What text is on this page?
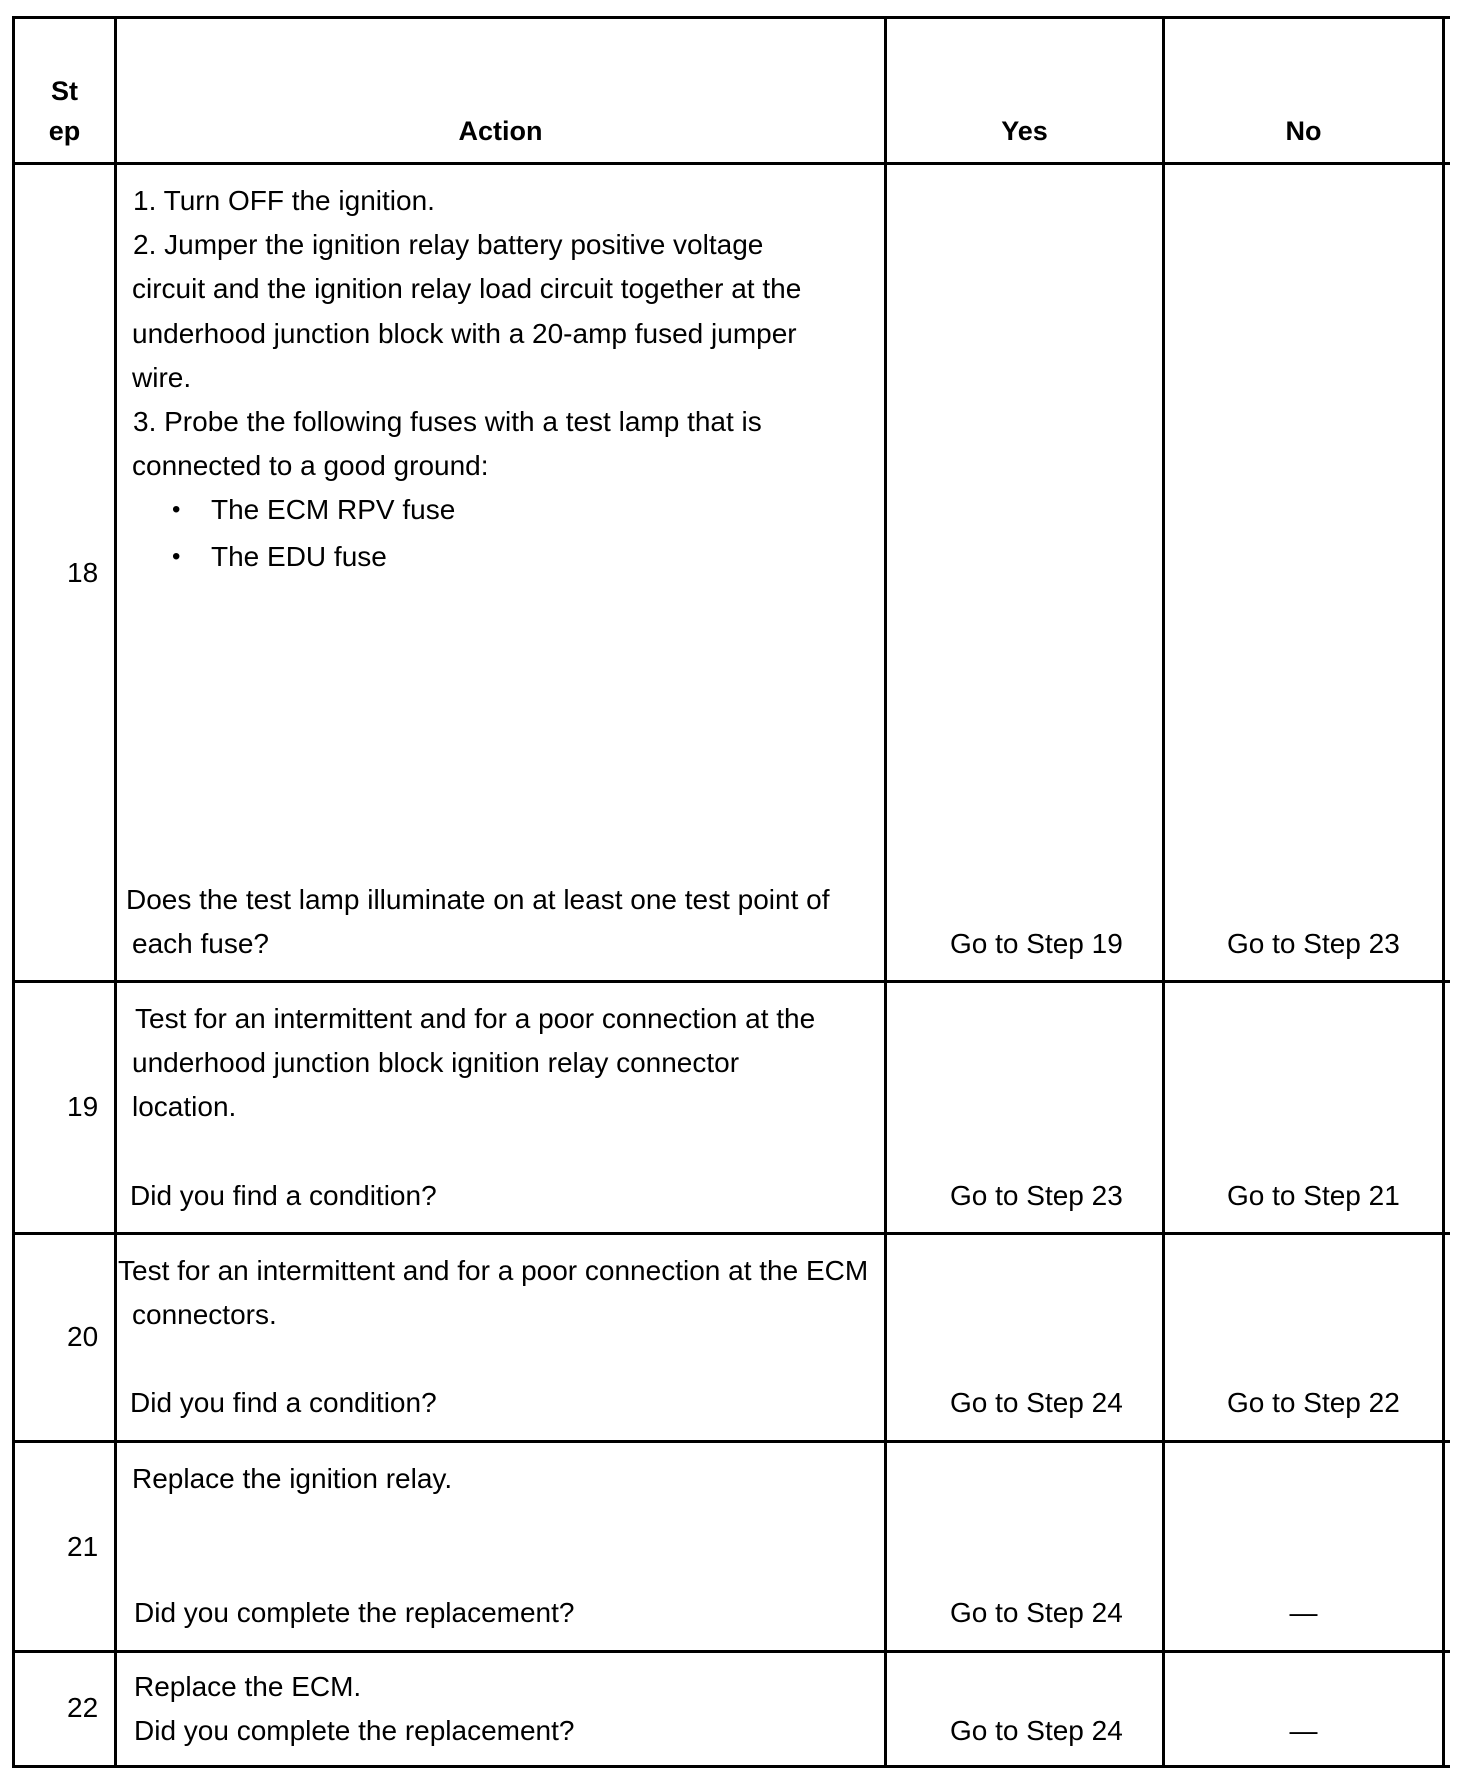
St
ep	Action	Yes	No
18
1. Turn OFF the ignition.
2. Jumper the ignition relay battery positive voltage
circuit and the ignition relay load circuit together at the
underhood junction block with a 20-amp fused jumper
wire.
3. Probe the following fuses with a test lamp that is
connected to a good ground:
• The ECM RPV fuse
• The EDU fuse
Does the test lamp illuminate on at least one test point of
each fuse?	Go to Step 19	Go to Step 23
19
Test for an intermittent and for a poor connection at the
underhood junction block ignition relay connector
location.
Did you find a condition?	Go to Step 23	Go to Step 21
20
Test for an intermittent and for a poor connection at the ECM
connectors.
Did you find a condition?	Go to Step 24	Go to Step 22
21
Replace the ignition relay.
Did you complete the replacement?	Go to Step 24	—
22
Replace the ECM.
Did you complete the replacement?	Go to Step 24	—
